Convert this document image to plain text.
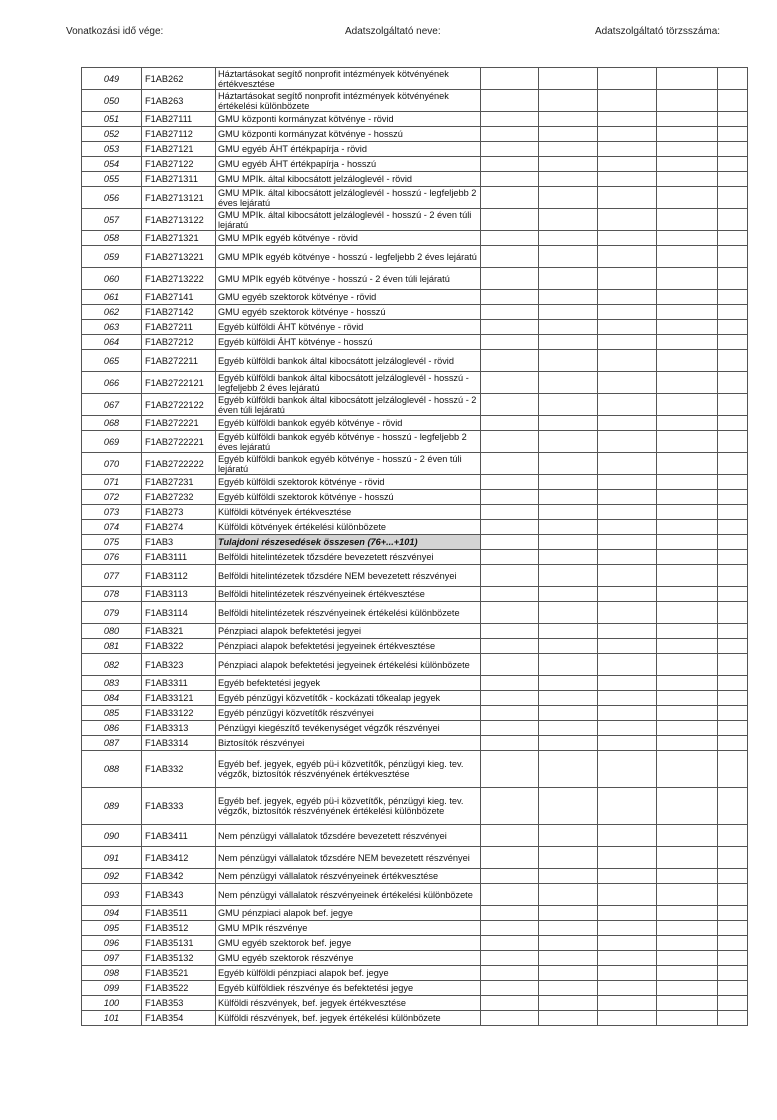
Vonatkozási idő vége:	Adatszolgáltató neve:	Adatszolgáltató törzsszáma:
049	F1AB262	Háztartásokat segítő nonprofit intézmények kötvényének értékvesztése					
050	F1AB263	Háztartásokat segítő nonprofit intézmények kötvényének értékelési különbözete					
051	F1AB27111	GMU központi kormányzat kötvénye - rövid					
052	F1AB27112	GMU központi kormányzat kötvénye - hosszú					
053	F1AB27121	GMU egyéb ÁHT értékpapírja - rövid					
054	F1AB27122	GMU egyéb ÁHT értékpapírja - hosszú					
055	F1AB271311	GMU MPIk. által kibocsátott jelzáloglevél - rövid					
056	F1AB2713121	GMU MPIk. által kibocsátott jelzáloglevél - hosszú - legfeljebb 2 éves lejáratú					
057	F1AB2713122	GMU MPIk. által kibocsátott jelzáloglevél - hosszú - 2 éven túli lejáratú					
058	F1AB271321	GMU MPIk egyéb kötvénye - rövid					
059	F1AB2713221	GMU MPIk egyéb kötvénye - hosszú - legfeljebb 2 éves lejáratú					
060	F1AB2713222	GMU MPIk egyéb kötvénye - hosszú - 2 éven túli lejáratú					
061	F1AB27141	GMU egyéb szektorok kötvénye - rövid					
062	F1AB27142	GMU egyéb szektorok kötvénye - hosszú					
063	F1AB27211	Egyéb külföldi ÁHT kötvénye - rövid					
064	F1AB27212	Egyéb külföldi ÁHT kötvénye - hosszú					
065	F1AB272211	Egyéb külföldi bankok által kibocsátott jelzáloglevél - rövid					
066	F1AB2722121	Egyéb külföldi bankok által kibocsátott jelzáloglevél - hosszú - legfeljebb 2 éves lejáratú					
067	F1AB2722122	Egyéb külföldi bankok által kibocsátott jelzáloglevél - hosszú - 2 éven túli lejáratú					
068	F1AB272221	Egyéb külföldi bankok egyéb kötvénye - rövid					
069	F1AB2722221	Egyéb külföldi bankok egyéb kötvénye - hosszú - legfeljebb 2 éves lejáratú					
070	F1AB2722222	Egyéb külföldi bankok egyéb kötvénye - hosszú - 2 éven túli lejáratú					
071	F1AB27231	Egyéb külföldi szektorok kötvénye - rövid					
072	F1AB27232	Egyéb külföldi szektorok kötvénye - hosszú					
073	F1AB273	Külföldi kötvények értékvesztése					
074	F1AB274	Külföldi kötvények értékelési különbözete					
075	F1AB3	Tulajdoni részesedések összesen (76+...+101)					
076	F1AB3111	Belföldi hitelintézetek tőzsdére bevezetett részvényei					
077	F1AB3112	Belföldi hitelintézetek tőzsdére NEM bevezetett részvényei					
078	F1AB3113	Belföldi hitelintézetek részvényeinek értékvesztése					
079	F1AB3114	Belföldi hitelintézetek részvényeinek értékelési különbözete					
080	F1AB321	Pénzpiaci alapok befektetési jegyei					
081	F1AB322	Pénzpiaci alapok befektetési jegyeinek értékvesztése					
082	F1AB323	Pénzpiaci alapok befektetési jegyeinek értékelési különbözete					
083	F1AB3311	Egyéb befektetési jegyek					
084	F1AB33121	Egyéb pénzügyi közvetítők - kockázati tőkealap jegyek					
085	F1AB33122	Egyéb pénzügyi közvetítők részvényei					
086	F1AB3313	Pénzügyi kiegészítő tevékenységet végzők részvényei					
087	F1AB3314	Biztosítók részvényei					
088	F1AB332	Egyéb bef. jegyek, egyéb pü-i közvetítők, pénzügyi kieg. tev. végzők, biztosítók részvényének értékvesztése					
089	F1AB333	Egyéb bef. jegyek, egyéb pü-i közvetítők, pénzügyi kieg. tev. végzők, biztosítók részvényének értékelési különbözete					
090	F1AB3411	Nem pénzügyi vállalatok tőzsdére bevezetett részvényei					
091	F1AB3412	Nem pénzügyi vállalatok tőzsdére NEM bevezetett részvényei					
092	F1AB342	Nem pénzügyi vállalatok részvényeinek értékvesztése					
093	F1AB343	Nem pénzügyi vállalatok részvényeinek értékelési különbözete					
094	F1AB3511	GMU pénzpiaci alapok bef. jegye					
095	F1AB3512	GMU MPIk részvénye					
096	F1AB35131	GMU egyéb szektorok bef. jegye					
097	F1AB35132	GMU egyéb szektorok részvénye					
098	F1AB3521	Egyéb külföldi pénzpiaci alapok bef. jegye					
099	F1AB3522	Egyéb külföldiek részvénye és befektetési jegye					
100	F1AB353	Külföldi részvények, bef. jegyek értékvesztése					
101	F1AB354	Külföldi részvények, bef. jegyek értékelési különbözete					
